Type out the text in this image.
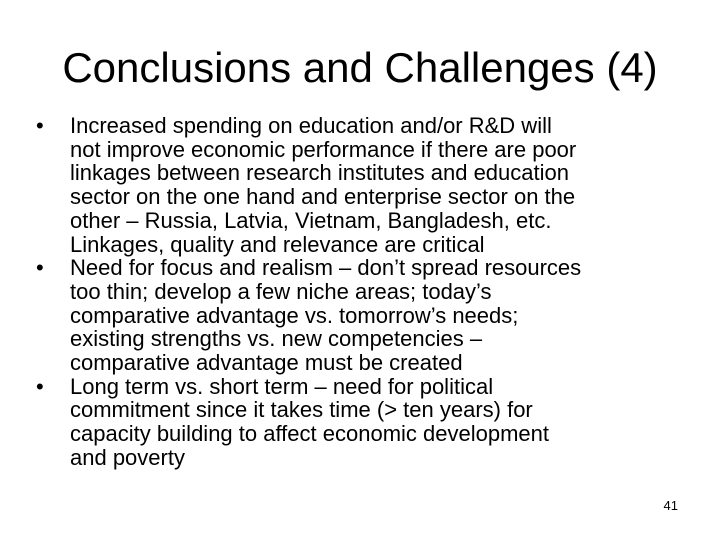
Conclusions and Challenges (4)
•	Increased spending on education and/or R&D will
not improve economic performance if there are poor
linkages between research institutes and education
sector on the one hand and enterprise sector on the
other – Russia, Latvia, Vietnam, Bangladesh, etc.
Linkages, quality and relevance are critical
•	Need for focus and realism – don’t spread resources
too thin; develop a few niche areas; today’s
comparative advantage vs. tomorrow’s needs;
existing strengths vs. new competencies –
comparative advantage must be created
•	Long term vs. short term – need for political
commitment since it takes time (> ten years) for
capacity building to affect economic development
and poverty
41
